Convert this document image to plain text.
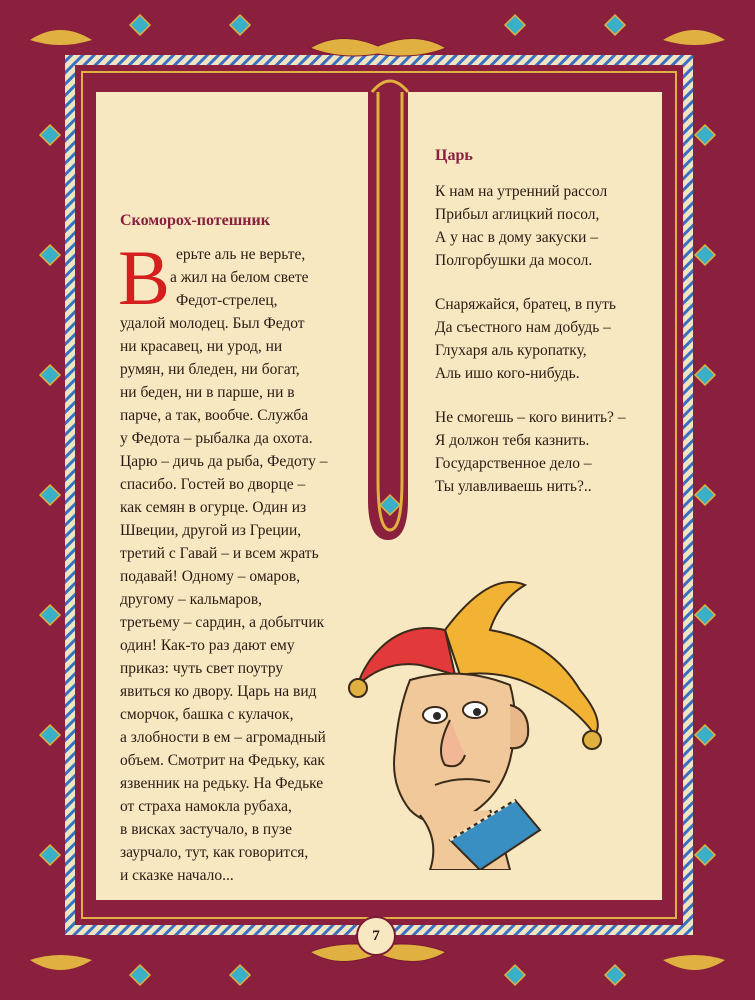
Скоморох-потешник
В ерьте аль не верьте,
а жил на белом свете
Федот-стрелец,
удалой молодец. Был Федот
ни красавец, ни урод, ни
румян, ни бледен, ни богат,
ни беден, ни в парше, ни в
парче, а так, вообче. Служба
у Федота – рыбалка да охота.
Царю – дичь да рыба, Федоту –
спасибо. Гостей во дворце –
как семян в огурце. Один из
Швеции, другой из Греции,
третий с Гавай – и всем жрать
подавай! Одному – омаров,
другому – кальмаров,
третьему – сардин, а добытчик
один! Как-то раз дают ему
приказ: чуть свет поутру
явиться ко двору. Царь на вид
сморчок, башка с кулачок,
а злобности в ем – агромадный
объем. Смотрит на Федьку, как
язвенник на редьку. На Федьке
от страха намокла рубаха,
в висках застучало, в пузе
заурчало, тут, как говорится,
и сказке начало...
Царь
К нам на утренний рассол
Прибыл аглицкий посол,
А у нас в дому закуски –
Полгорбушки да мосол.
Снаряжайся, братец, в путь
Да съестного нам добудь –
Глухаря аль куропатку,
Аль ишо кого-нибудь.
Не смогешь – кого винить? –
Я должон тебя казнить.
Государственное дело –
Ты улавливаешь нить?..
7
